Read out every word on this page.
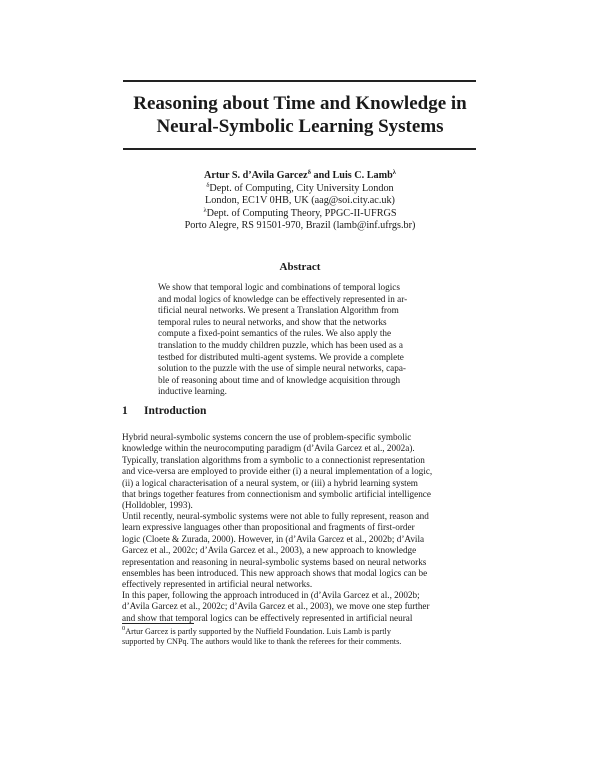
Reasoning about Time and Knowledge in
Neural-Symbolic Learning Systems
Artur S. d’Avila Garcez$^\delta$ and Luis C. Lamb$^\lambda$
$^\delta$Dept. of Computing, City University London
London, EC1V 0HB, UK (aag@soi.city.ac.uk)
$^\lambda$Dept. of Computing Theory, PPGC-II-UFRGS
Porto Alegre, RS 91501-970, Brazil (lamb@inf.ufrgs.br)
Abstract
We show that temporal logic and combinations of temporal logics
and modal logics of knowledge can be effectively represented in ar-
tificial neural networks. We present a Translation Algorithm from
temporal rules to neural networks, and show that the networks
compute a fixed-point semantics of the rules. We also apply the
translation to the muddy children puzzle, which has been used as a
testbed for distributed multi-agent systems. We provide a complete
solution to the puzzle with the use of simple neural networks, capa-
ble of reasoning about time and of knowledge acquisition through
inductive learning.
1 Introduction
Hybrid neural-symbolic systems concern the use of problem-specific symbolic
knowledge within the neurocomputing paradigm (d’Avila Garcez et al., 2002a).
Typically, translation algorithms from a symbolic to a connectionist representation
and vice-versa are employed to provide either (i) a neural implementation of a logic,
(ii) a logical characterisation of a neural system, or (iii) a hybrid learning system
that brings together features from connectionism and symbolic artificial intelligence
(Holldobler, 1993).
Until recently, neural-symbolic systems were not able to fully represent, reason and
learn expressive languages other than propositional and fragments of first-order
logic (Cloete & Zurada, 2000). However, in (d’Avila Garcez et al., 2002b; d’Avila
Garcez et al., 2002c; d’Avila Garcez et al., 2003), a new approach to knowledge
representation and reasoning in neural-symbolic systems based on neural networks
ensembles has been introduced. This new approach shows that modal logics can be
effectively represented in artificial neural networks.
In this paper, following the approach introduced in (d’Avila Garcez et al., 2002b;
d’Avila Garcez et al., 2002c; d’Avila Garcez et al., 2003), we move one step further
and show that temporal logics can be effectively represented in artificial neural
$^0$Artur Garcez is partly supported by the Nuffield Foundation. Luis Lamb is partly
supported by CNPq. The authors would like to thank the referees for their comments.
